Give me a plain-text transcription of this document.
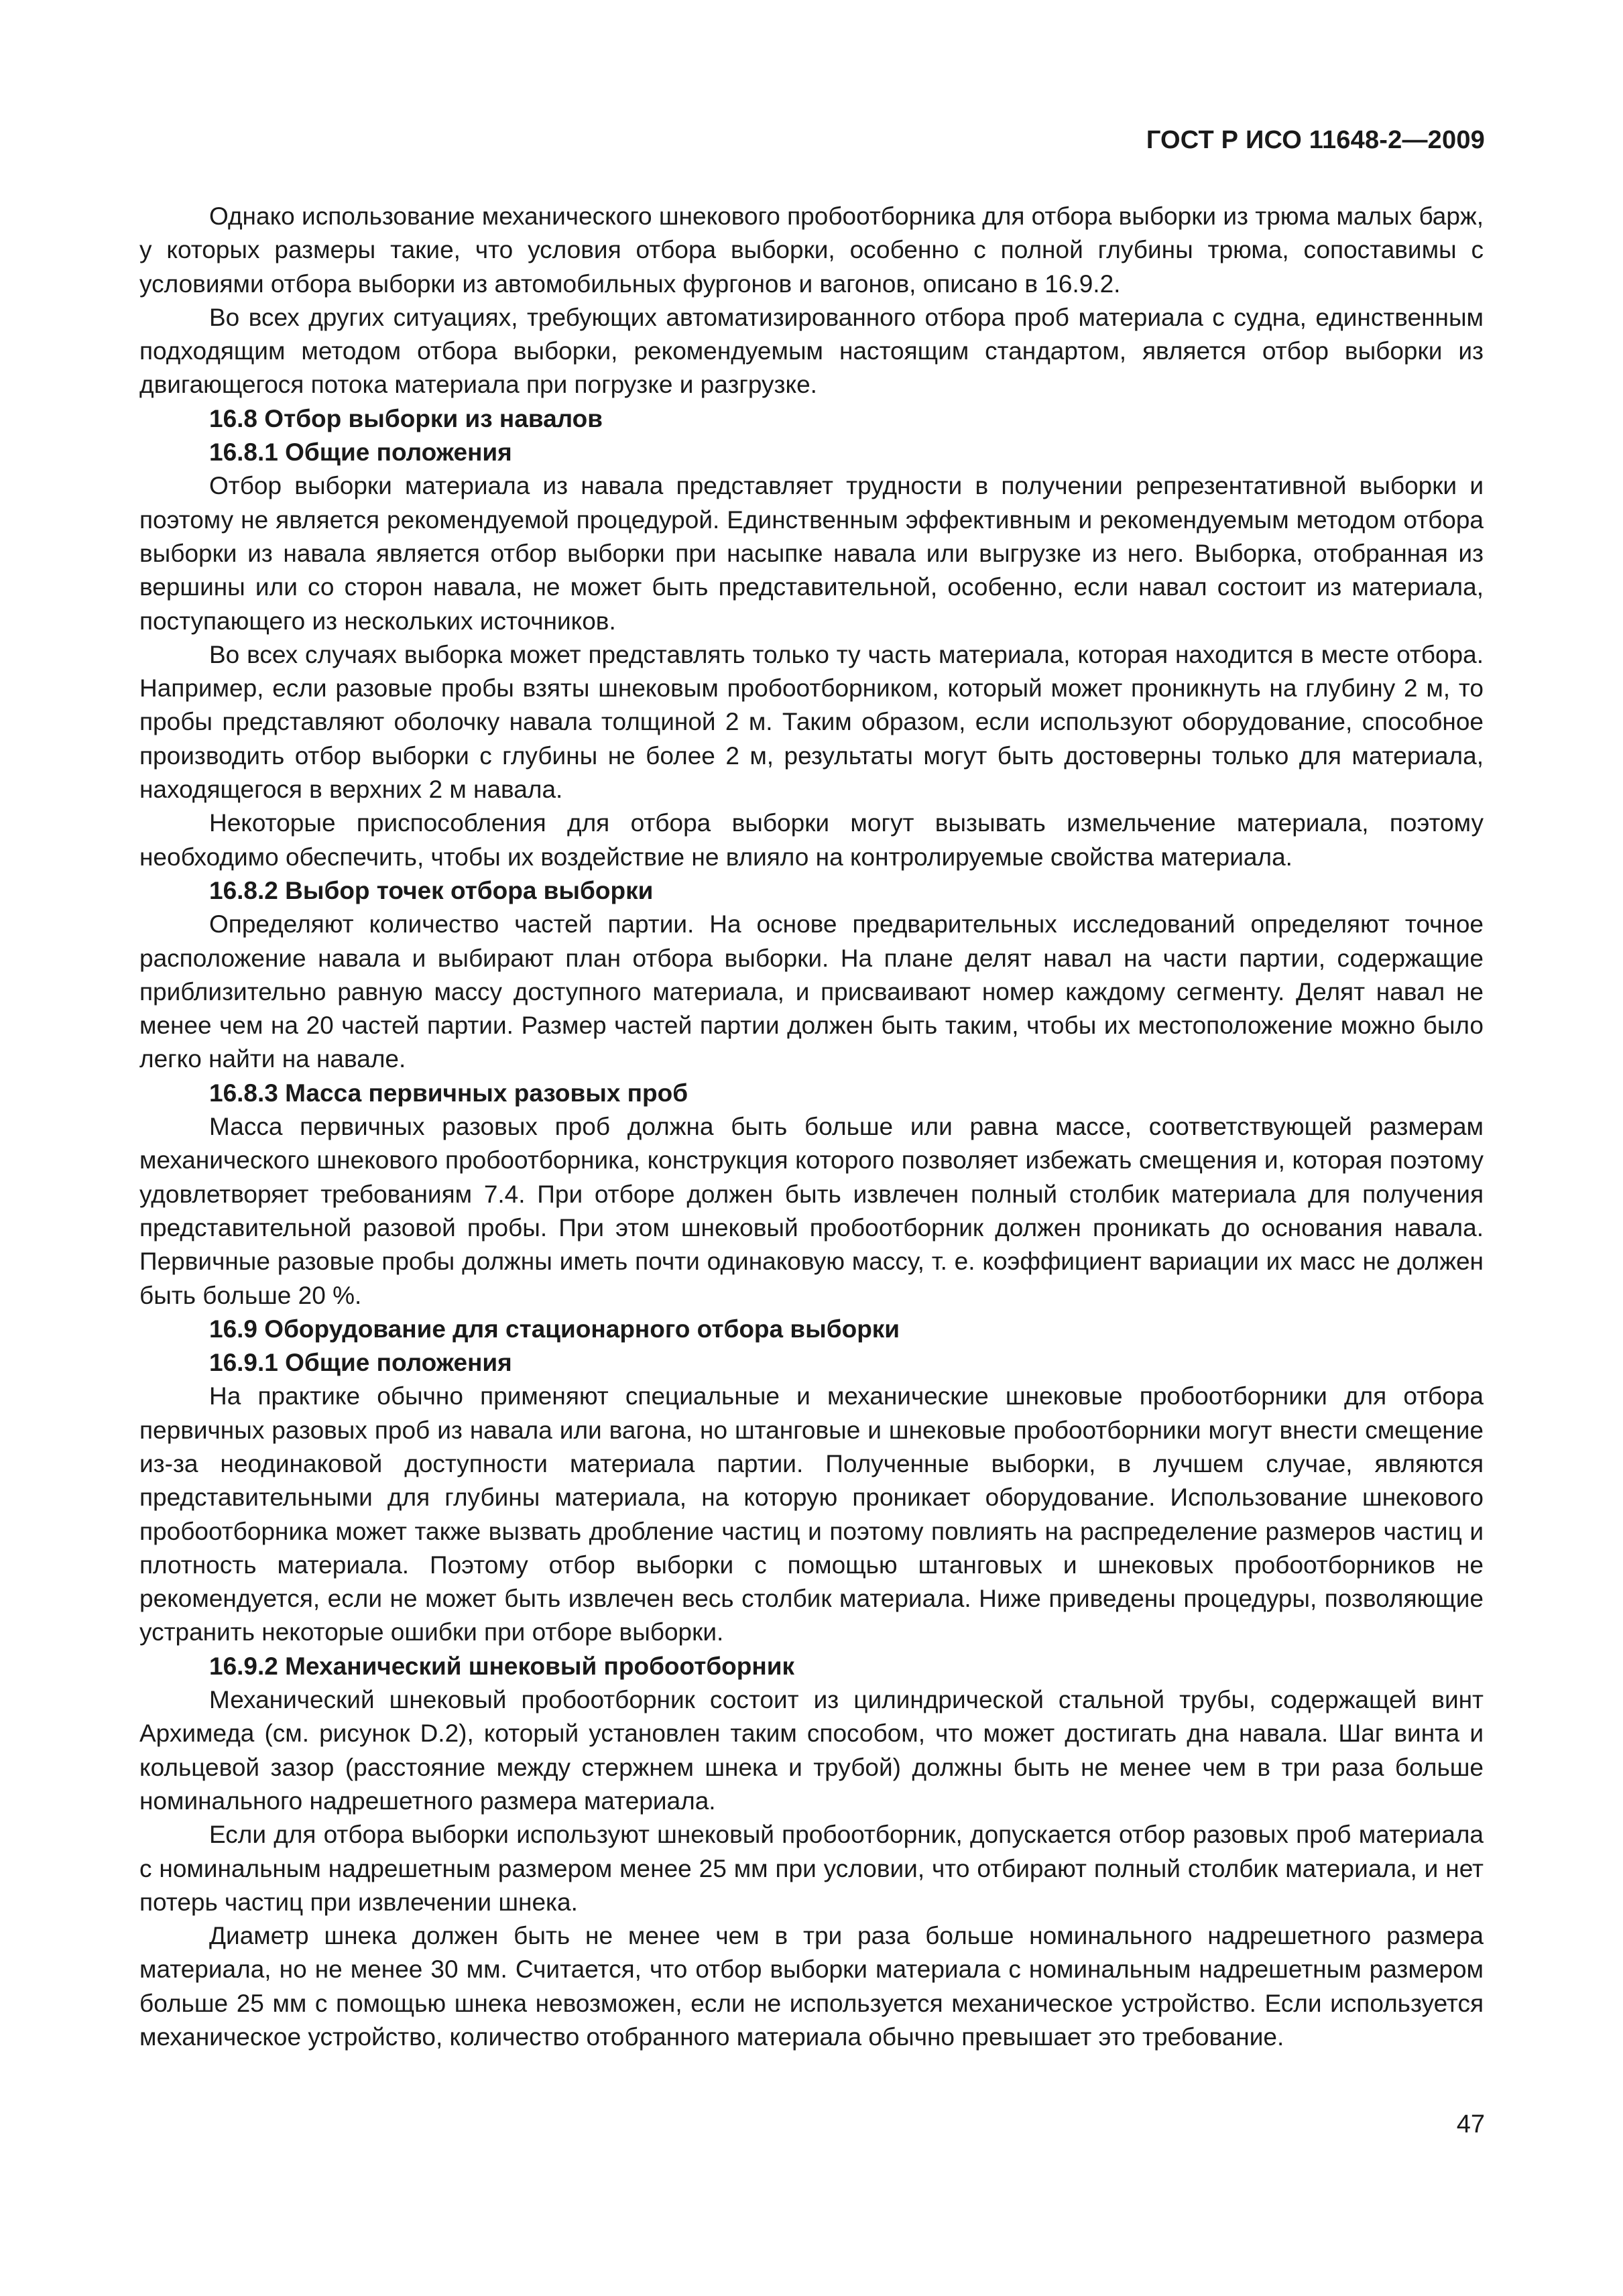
ГОСТ Р ИСО 11648-2—2009

Однако использование механического шнекового пробоотборника для отбора выборки из трюма малых барж, у которых размеры такие, что условия отбора выборки, особенно с полной глубины трюма, сопоставимы с условиями отбора выборки из автомобильных фургонов и вагонов, описано в 16.9.2.

Во всех других ситуациях, требующих автоматизированного отбора проб материала с судна, единственным подходящим методом отбора выборки, рекомендуемым настоящим стандартом, является отбор выборки из двигающегося потока материала при погрузке и разгрузке.

16.8 Отбор выборки из навалов

16.8.1 Общие положения

Отбор выборки материала из навала представляет трудности в получении репрезентативной выборки и поэтому не является рекомендуемой процедурой. Единственным эффективным и рекомендуемым методом отбора выборки из навала является отбор выборки при насыпке навала или выгрузке из него. Выборка, отобранная из вершины или со сторон навала, не может быть представительной, особенно, если навал состоит из материала, поступающего из нескольких источников.

Во всех случаях выборка может представлять только ту часть материала, которая находится в месте отбора. Например, если разовые пробы взяты шнековым пробоотборником, который может проникнуть на глубину 2 м, то пробы представляют оболочку навала толщиной 2 м. Таким образом, если используют оборудование, способное производить отбор выборки с глубины не более 2 м, результаты могут быть достоверны только для материала, находящегося в верхних 2 м навала.

Некоторые приспособления для отбора выборки могут вызывать измельчение материала, поэтому необходимо обеспечить, чтобы их воздействие не влияло на контролируемые свойства материала.

16.8.2 Выбор точек отбора выборки

Определяют количество частей партии. На основе предварительных исследований определяют точное расположение навала и выбирают план отбора выборки. На плане делят навал на части партии, содержащие приблизительно равную массу доступного материала, и присваивают номер каждому сегменту. Делят навал не менее чем на 20 частей партии. Размер частей партии должен быть таким, чтобы их местоположение можно было легко найти на навале.

16.8.3 Масса первичных разовых проб

Масса первичных разовых проб должна быть больше или равна массе, соответствующей размерам механического шнекового пробоотборника, конструкция которого позволяет избежать смещения и, которая поэтому удовлетворяет требованиям 7.4. При отборе должен быть извлечен полный столбик материала для получения представительной разовой пробы. При этом шнековый пробоотборник должен проникать до основания навала. Первичные разовые пробы должны иметь почти одинаковую массу, т. е. коэффициент вариации их масс не должен быть больше 20 %.

16.9 Оборудование для стационарного отбора выборки

16.9.1 Общие положения

На практике обычно применяют специальные и механические шнековые пробоотборники для отбора первичных разовых проб из навала или вагона, но штанговые и шнековые пробоотборники могут внести смещение из-за неодинаковой доступности материала партии. Полученные выборки, в лучшем случае, являются представительными для глубины материала, на которую проникает оборудование. Использование шнекового пробоотборника может также вызвать дробление частиц и поэтому повлиять на распределение размеров частиц и плотность материала. Поэтому отбор выборки с помощью штанговых и шнековых пробоотборников не рекомендуется, если не может быть извлечен весь столбик материала. Ниже приведены процедуры, позволяющие устранить некоторые ошибки при отборе выборки.

16.9.2 Механический шнековый пробоотборник

Механический шнековый пробоотборник состоит из цилиндрической стальной трубы, содержащей винт Архимеда (см. рисунок D.2), который установлен таким способом, что может достигать дна навала. Шаг винта и кольцевой зазор (расстояние между стержнем шнека и трубой) должны быть не менее чем в три раза больше номинального надрешетного размера материала.

Если для отбора выборки используют шнековый пробоотборник, допускается отбор разовых проб материала с номинальным надрешетным размером менее 25 мм при условии, что отбирают полный столбик материала, и нет потерь частиц при извлечении шнека.

Диаметр шнека должен быть не менее чем в три раза больше номинального надрешетного размера материала, но не менее 30 мм. Считается, что отбор выборки материала с номинальным надрешетным размером больше 25 мм с помощью шнека невозможен, если не используется механическое устройство. Если используется механическое устройство, количество отобранного материала обычно превышает это требование.

47
